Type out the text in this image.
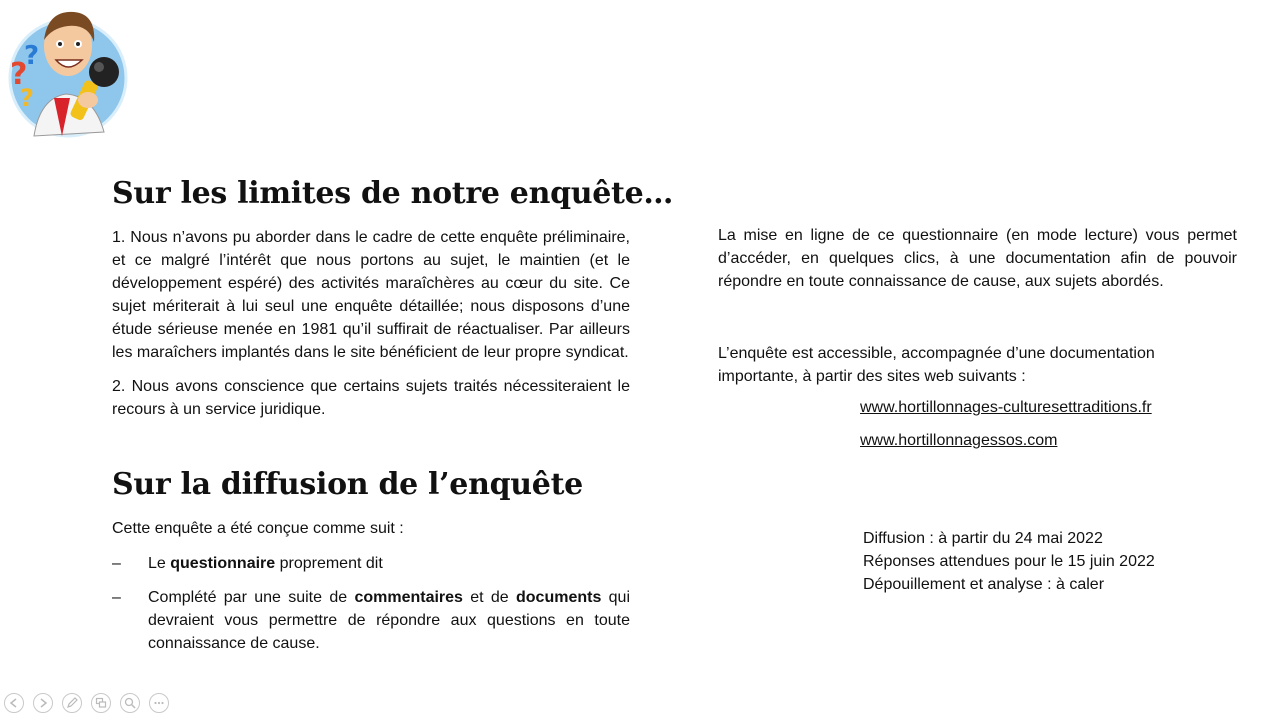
?
?
?
Sur les limites de notre enquête…

1. Nous n’avons pu aborder dans le cadre de cette enquête préliminaire, et ce malgré l’intérêt que nous portons au sujet, le maintien (et le développement espéré) des activités maraîchères au cœur du site. Ce sujet mériterait à lui seul une enquête détaillée; nous disposons d’une étude sérieuse menée en 1981 qu’il suffirait de réactualiser. Par ailleurs les maraîchers implantés dans le site bénéficient de leur propre syndicat.

2. Nous avons conscience que certains sujets traités nécessiteraient le recours à un service juridique.

Sur la diffusion de l’enquête

Cette enquête a été conçue comme suit :

– Le questionnaire proprement dit
– Complété par une suite de commentaires et de documents qui devraient vous permettre de répondre aux questions en toute connaissance de cause.

La mise en ligne de ce questionnaire (en mode lecture) vous permet d’accéder, en quelques clics, à une documentation afin de pouvoir répondre en toute connaissance de cause, aux sujets abordés.

L’enquête est accessible, accompagnée d’une documentation importante, à partir des sites web suivants :

www.hortillonnages-culturesettraditions.fr
www.hortillonnagessos.com
Diffusion : à partir du 24 mai 2022
Réponses attendues pour le 15 juin 2022
Dépouillement et analyse : à caler
